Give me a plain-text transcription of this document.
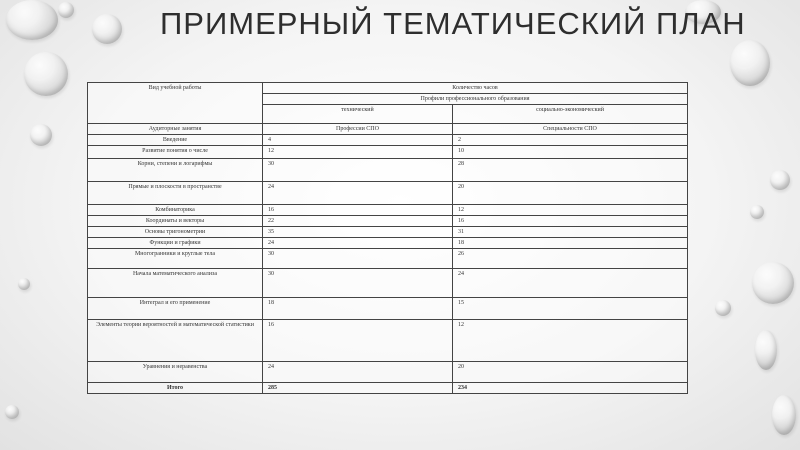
ПРИМЕРНЫЙ ТЕМАТИЧЕСКИЙ ПЛАН
Вид учебной работы	Количество часов	
	Профили профессионального образования	
	технический	социально-экономический
Аудиторные занятия	Профессии СПО	Специальности СПО
Введение	4	2
Развитие понятия о числе	12	10
Корни, степени и логарифмы	30	28
Прямые и плоскости в пространстве	24	20
Комбинаторика	16	12
Координаты и векторы	22	16
Основы тригонометрии	35	31
Функции и графики	24	18
Многогранники и круглые тела	30	26
Начала математического анализа	30	24
Интеграл и его применение	18	15
Элементы теории вероятностей и математической статистики	16	12
Уравнения и неравенства	24	20
Итого	285	234
